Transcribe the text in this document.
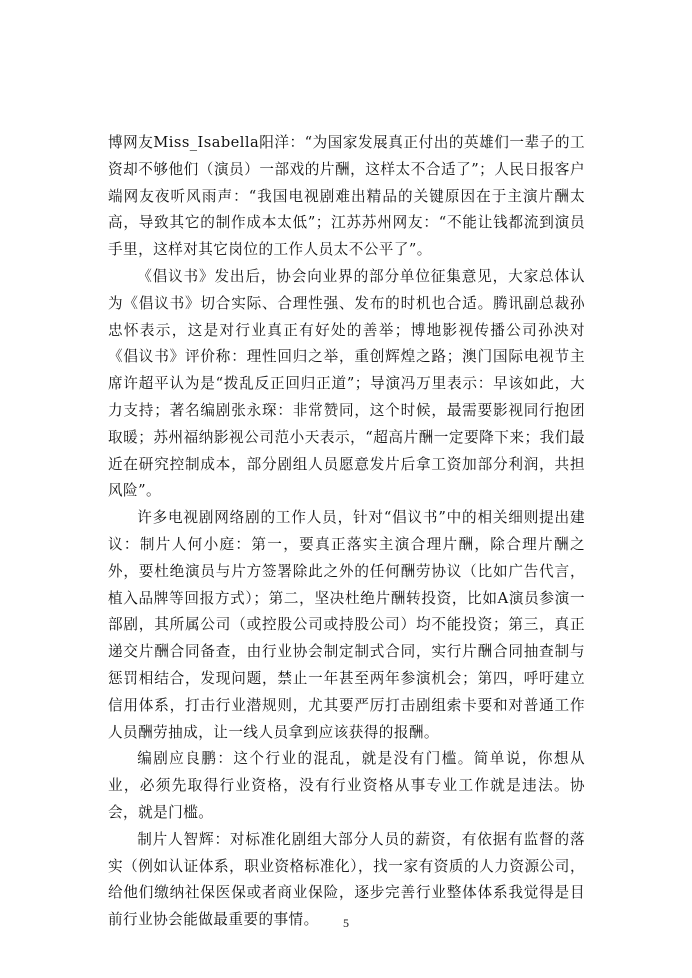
博网友Miss_Isabella阳洋：“为国家发展真正付出的英雄们一辈子的工资却不够他们（演员）一部戏的片酬，这样太不合适了”；人民日报客户端网友夜听风雨声：“我国电视剧难出精品的关键原因在于主演片酬太高，导致其它的制作成本太低”；江苏苏州网友：“不能让钱都流到演员手里，这样对其它岗位的工作人员太不公平了”。

《倡议书》发出后，协会向业界的部分单位征集意见，大家总体认为《倡议书》切合实际、合理性强、发布的时机也合适。腾讯副总裁孙忠怀表示，这是对行业真正有好处的善举；博地影视传播公司孙泱对《倡议书》评价称：理性回归之举，重创辉煌之路；澳门国际电视节主席许超平认为是“拨乱反正回归正道”；导演冯万里表示：早该如此，大力支持；著名编剧张永琛：非常赞同，这个时候，最需要影视同行抱团取暖；苏州福纳影视公司范小天表示，“超高片酬一定要降下来；我们最近在研究控制成本，部分剧组人员愿意发片后拿工资加部分利润，共担风险”。

许多电视剧网络剧的工作人员，针对“倡议书”中的相关细则提出建议：制片人何小庭：第一，要真正落实主演合理片酬，除合理片酬之外，要杜绝演员与片方签署除此之外的任何酬劳协议（比如广告代言，植入品牌等回报方式）；第二，坚决杜绝片酬转投资，比如A演员参演一部剧，其所属公司（或控股公司或持股公司）均不能投资；第三，真正递交片酬合同备查，由行业协会制定制式合同，实行片酬合同抽查制与惩罚相结合，发现问题，禁止一年甚至两年参演机会；第四，呼吁建立信用体系，打击行业潜规则，尤其要严厉打击剧组索卡要和对普通工作人员酬劳抽成，让一线人员拿到应该获得的报酬。

编剧应良鹏：这个行业的混乱，就是没有门槛。简单说，你想从业，必须先取得行业资格，没有行业资格从事专业工作就是违法。协会，就是门槛。

制片人智辉：对标准化剧组大部分人员的薪资，有依据有监督的落实（例如认证体系，职业资格标准化），找一家有资质的人力资源公司，给他们缴纳社保医保或者商业保险，逐步完善行业整体体系我觉得是目前行业协会能做最重要的事情。	5
